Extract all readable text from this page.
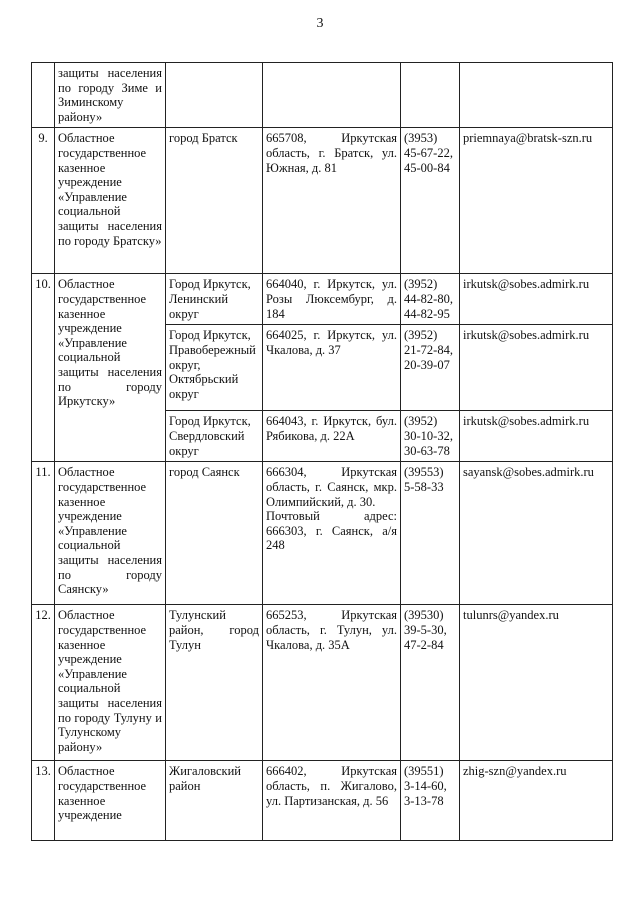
3
	защиты населения по городу Зиме и Зиминскому району»				
9.	Областное государственное казенное учреждение «Управление социальной защиты населения по городу Братску»	город Братск	665708, Иркутская область, г. Братск, ул. Южная, д. 81	(3953) 45-67-22, 45-00-84	priemnaya@bratsk-szn.ru
10.	Областное государственное казенное учреждение «Управление социальной защиты населения по городу Иркутску»	Город Иркутск, Ленинский округ	664040, г. Иркутск, ул. Розы Люксембург, д. 184	(3952) 44-82-80, 44-82-95	irkutsk@sobes.admirk.ru
		Город Иркутск, Правобережный округ, Октябрьский округ	664025, г. Иркутск, ул. Чкалова, д. 37	(3952) 21-72-84, 20-39-07	irkutsk@sobes.admirk.ru
		Город Иркутск, Свердловский округ	664043, г. Иркутск, бул. Рябикова, д. 22А	(3952) 30-10-32, 30-63-78	irkutsk@sobes.admirk.ru
11.	Областное государственное казенное учреждение «Управление социальной защиты населения по городу Саянску»	город Саянск	666304, Иркутская область, г. Саянск, мкр. Олимпийский, д. 30.
Почтовый адрес: 666303, г. Саянск, а/я 248	(39553) 5-58-33	sayansk@sobes.admirk.ru
12.	Областное государственное казенное учреждение «Управление социальной защиты населения по городу Тулуну и Тулунскому району»	Тулунский район, город Тулун	665253, Иркутская область, г. Тулун, ул. Чкалова, д. 35А	(39530) 39-5-30, 47-2-84	tulunrs@yandex.ru
13.	Областное государственное казенное учреждение	Жигаловский район	666402, Иркутская область, п. Жигалово, ул. Партизанская, д. 56	(39551) 3-14-60, 3-13-78	zhig-szn@yandex.ru
